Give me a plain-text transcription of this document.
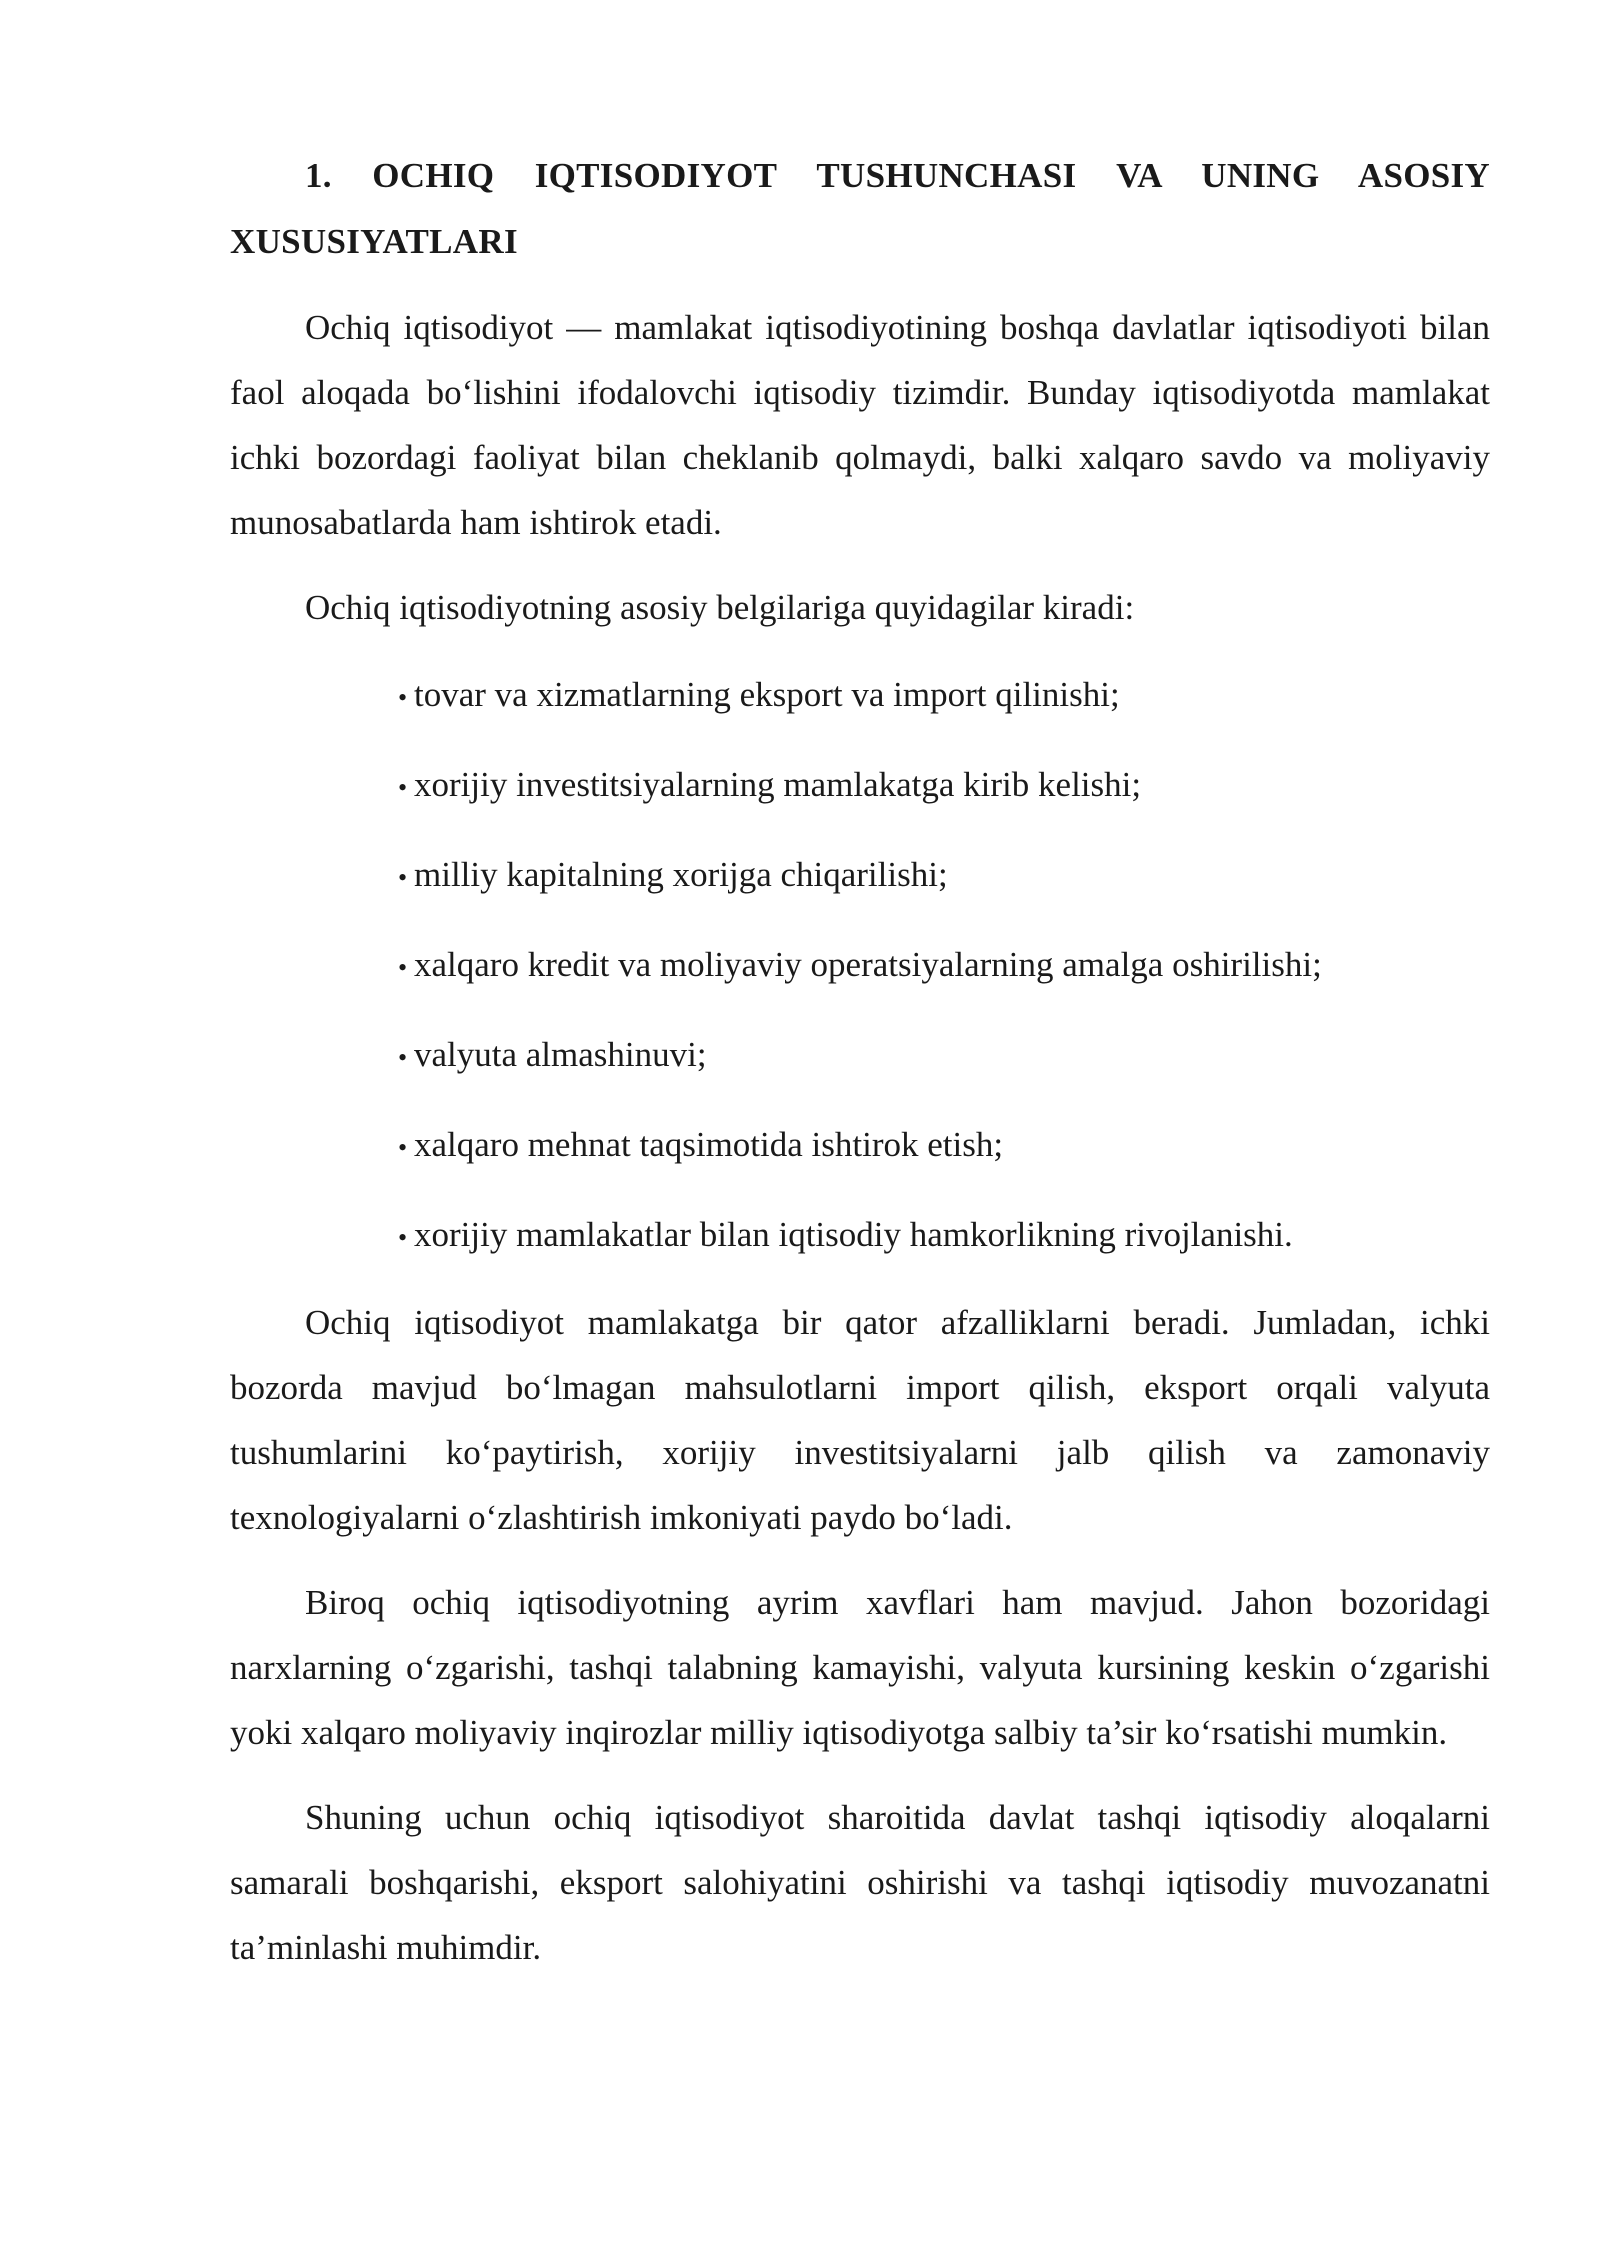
1. OCHIQ IQTISODIYOT TUSHUNCHASI VA UNING ASOSIY XUSUSIYATLARI

Ochiq iqtisodiyot — mamlakat iqtisodiyotining boshqa davlatlar iqtisodiyoti bilan faol aloqada bo‘lishini ifodalovchi iqtisodiy tizimdir. Bunday iqtisodiyotda mamlakat ichki bozordagi faoliyat bilan cheklanib qolmaydi, balki xalqaro savdo va moliyaviy munosabatlarda ham ishtirok etadi.

Ochiq iqtisodiyotning asosiy belgilariga quyidagilar kiradi:

• tovar va xizmatlarning eksport va import qilinishi;
• xorijiy investitsiyalarning mamlakatga kirib kelishi;
• milliy kapitalning xorijga chiqarilishi;
• xalqaro kredit va moliyaviy operatsiyalarning amalga oshirilishi;
• valyuta almashinuvi;
• xalqaro mehnat taqsimotida ishtirok etish;
• xorijiy mamlakatlar bilan iqtisodiy hamkorlikning rivojlanishi.

Ochiq iqtisodiyot mamlakatga bir qator afzalliklarni beradi. Jumladan, ichki bozorda mavjud bo‘lmagan mahsulotlarni import qilish, eksport orqali valyuta tushumlarini ko‘paytirish, xorijiy investitsiyalarni jalb qilish va zamonaviy texnologiyalarni o‘zlashtirish imkoniyati paydo bo‘ladi.

Biroq ochiq iqtisodiyotning ayrim xavflari ham mavjud. Jahon bozoridagi narxlarning o‘zgarishi, tashqi talabning kamayishi, valyuta kursining keskin o‘zgarishi yoki xalqaro moliyaviy inqirozlar milliy iqtisodiyotga salbiy ta’sir ko‘rsatishi mumkin.

Shuning uchun ochiq iqtisodiyot sharoitida davlat tashqi iqtisodiy aloqalarni samarali boshqarishi, eksport salohiyatini oshirishi va tashqi iqtisodiy muvozanatni ta’minlashi muhimdir.
